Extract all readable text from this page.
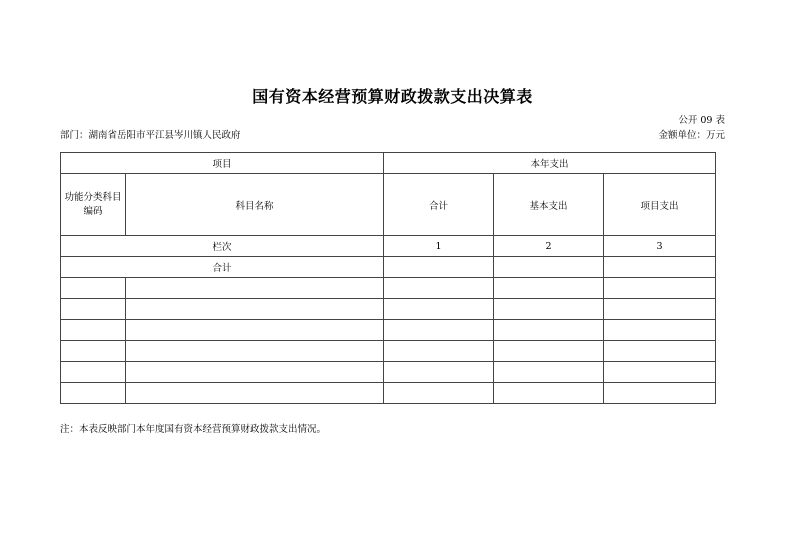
国有资本经营预算财政拨款支出决算表
公开 09 表
部门：湖南省岳阳市平江县岑川镇人民政府	金额单位：万元
项目		本年支出		
功能分类科目编码	科目名称	合计	基本支出	项目支出
栏次		1	2	3
合计				

注：本表反映部门本年度国有资本经营预算财政拨款支出情况。
